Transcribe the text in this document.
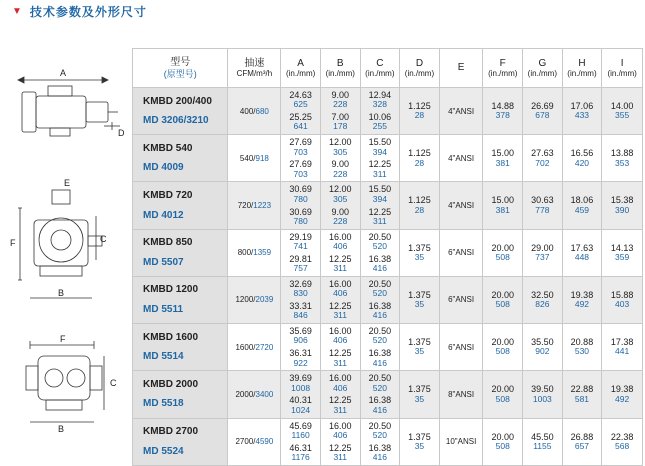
▼ 技术参数及外形尺寸
A
D
E
F	C
B
F
C
B
型号
(原型号)	抽速
CFM/m³/h	A
(in./mm)	B
(in./mm)	C
(in./mm)	D
(in./mm)	E	F
(in./mm)	G
(in./mm)	H
(in./mm)	I
(in./mm)

KMBD 200/400
MD 3206/3210	400/680	24.63
625
25.25
641	9.00
228
7.00
178	12.94
328
10.06
255	1.125
28	4"ANSI	14.88
378	26.69
678	17.06
433	14.00
355

KMBD 540
MD 4009	540/918	27.69
703
27.69
703	12.00
305
9.00
228	15.50
394
12.25
311	1.125
28	4"ANSI	15.00
381	27.63
702	16.56
420	13.88
353

KMBD 720
MD 4012	720/1223	30.69
780
30.69
780	12.00
305
9.00
228	15.50
394
12.25
311	1.125
28	4"ANSI	15.00
381	30.63
778	18.06
459	15.38
390

KMBD 850
MD 5507	800/1359	29.19
741
29.81
757	16.00
406
12.25
311	20.50
520
16.38
416	1.375
35	6"ANSI	20.00
508	29.00
737	17.63
448	14.13
359

KMBD 1200
MD 5511	1200/2039	32.69
830
33.31
846	16.00
406
12.25
311	20.50
520
16.38
416	1.375
35	6"ANSI	20.00
508	32.50
826	19.38
492	15.88
403

KMBD 1600
MD 5514	1600/2720	35.69
906
36.31
922	16.00
406
12.25
311	20.50
520
16.38
416	1.375
35	6"ANSI	20.00
508	35.50
902	20.88
530	17.38
441

KMBD 2000
MD 5518	2000/3400	39.69
1008
40.31
1024	16.00
406
12.25
311	20.50
520
16.38
416	1.375
35	8"ANSI	20.00
508	39.50
1003	22.88
581	19.38
492

KMBD 2700
MD 5524	2700/4590	45.69
1160
46.31
1176	16.00
406
12.25
311	20.50
520
16.38
416	1.375
35	10"ANSI	20.00
508	45.50
1155	26.88
657	22.38
568
